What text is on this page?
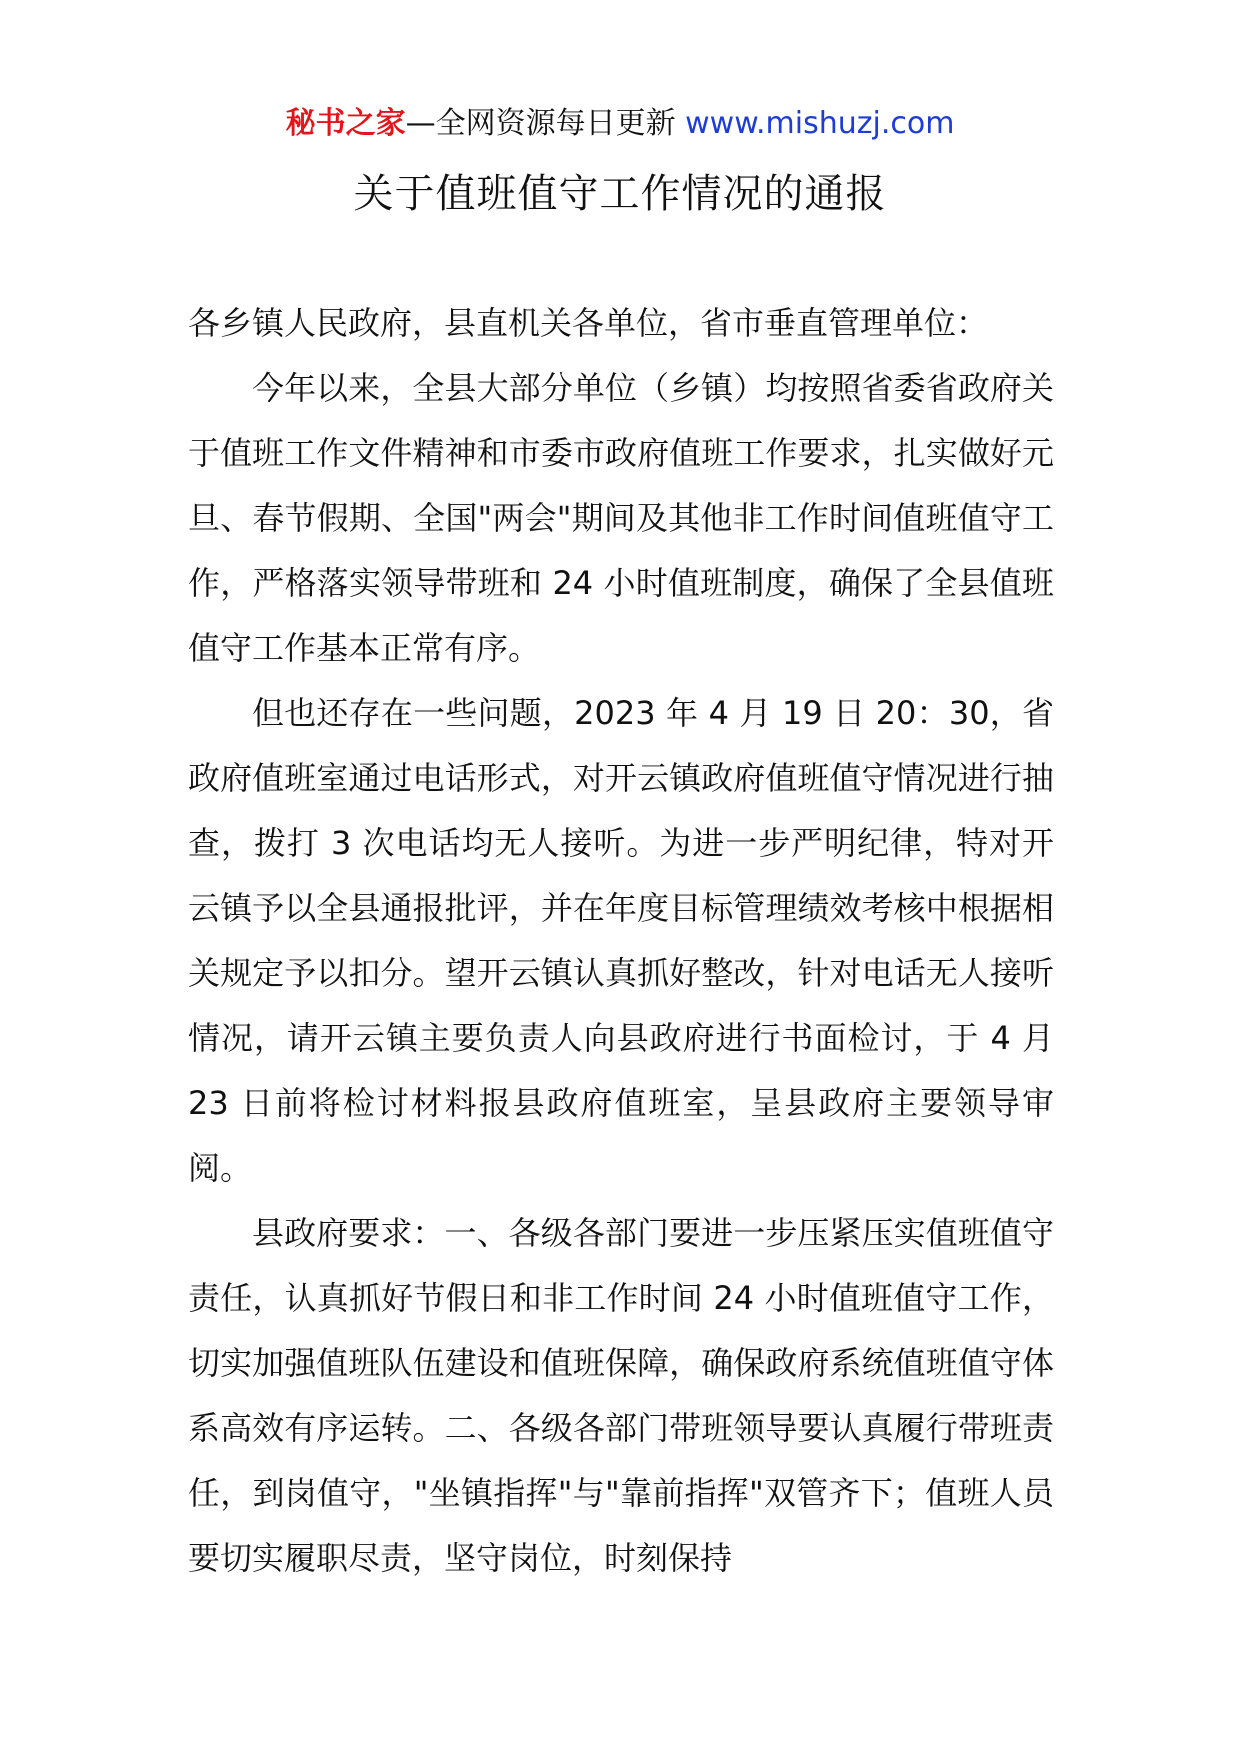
秘书之家—全网资源每日更新 www.mishuzj.com
关于值班值守工作情况的通报

各乡镇人民政府，县直机关各单位，省市垂直管理单位：

今年以来，全县大部分单位（乡镇）均按照省委省政府关于值班工作文件精神和市委市政府值班工作要求，扎实做好元旦、春节假期、全国"两会"期间及其他非工作时间值班值守工作，严格落实领导带班和 24 小时值班制度，确保了全县值班值守工作基本正常有序。

但也还存在一些问题，2023 年 4 月 19 日 20：30，省政府值班室通过电话形式，对开云镇政府值班值守情况进行抽查，拨打 3 次电话均无人接听。为进一步严明纪律，特对开云镇予以全县通报批评，并在年度目标管理绩效考核中根据相关规定予以扣分。望开云镇认真抓好整改，针对电话无人接听情况，请开云镇主要负责人向县政府进行书面检讨，于 4 月 23 日前将检讨材料报县政府值班室，呈县政府主要领导审阅。

县政府要求：一、各级各部门要进一步压紧压实值班值守责任，认真抓好节假日和非工作时间 24 小时值班值守工作，切实加强值班队伍建设和值班保障，确保政府系统值班值守体系高效有序运转。二、各级各部门带班领导要认真履行带班责任，到岗值守，"坐镇指挥"与"靠前指挥"双管齐下；值班人员要切实履职尽责，坚守岗位，时刻保持
